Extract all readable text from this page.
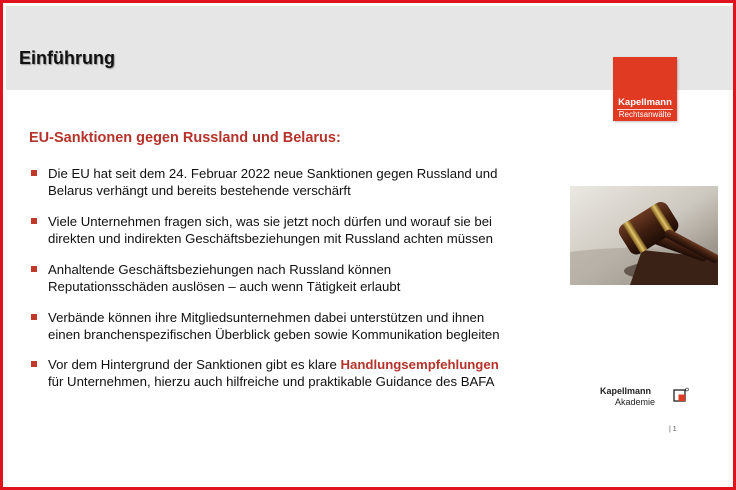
Einführung
Kapellmann
Rechtsanwälte
EU-Sanktionen gegen Russland und Belarus:
Die EU hat seit dem 24. Februar 2022 neue Sanktionen gegen Russland und
Belarus verhängt und bereits bestehende verschärft
Viele Unternehmen fragen sich, was sie jetzt noch dürfen und worauf sie bei
direkten und indirekten Geschäftsbeziehungen mit Russland achten müssen
Anhaltende Geschäftsbeziehungen nach Russland können
Reputationsschäden auslösen – auch wenn Tätigkeit erlaubt
Verbände können ihre Mitgliedsunternehmen dabei unterstützen und ihnen
einen branchenspezifischen Überblick geben sowie Kommunikation begleiten
Vor dem Hintergrund der Sanktionen gibt es klare Handlungsempfehlungen
für Unternehmen, hierzu auch hilfreiche und praktikable Guidance des BAFA
Kapellmann
Akademie
| 1
